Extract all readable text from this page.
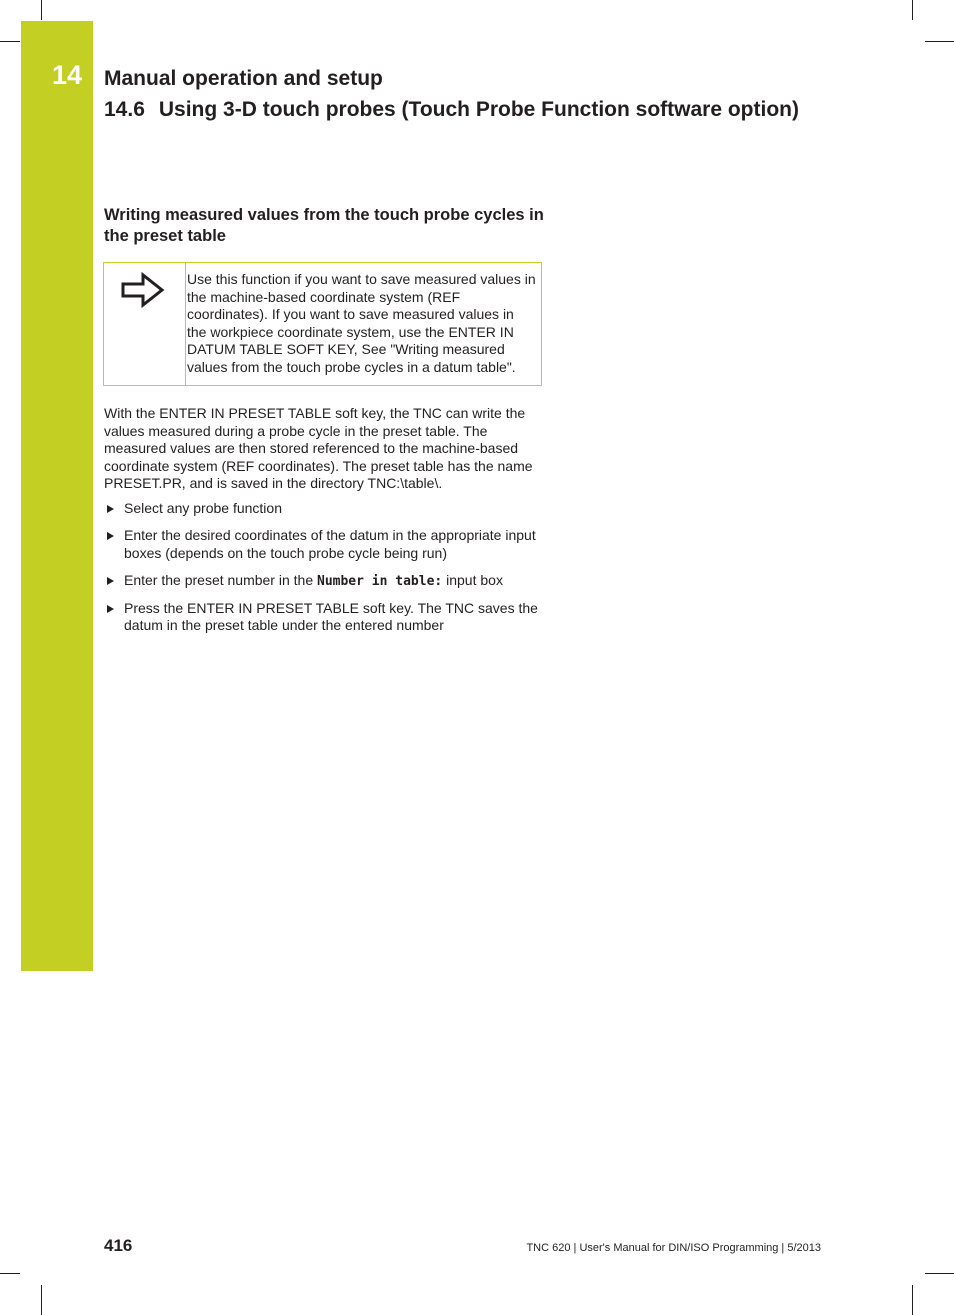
14 Manual operation and setup
14.6 Using 3-D touch probes (Touch Probe Function software option)
Writing measured values from the touch probe cycles in the preset table
Use this function if you want to save measured values in the machine-based coordinate system (REF coordinates). If you want to save measured values in the workpiece coordinate system, use the ENTER IN DATUM TABLE SOFT KEY, See "Writing measured values from the touch probe cycles in a datum table".
With the ENTER IN PRESET TABLE soft key, the TNC can write the values measured during a probe cycle in the preset table. The measured values are then stored referenced to the machine-based coordinate system (REF coordinates). The preset table has the name PRESET.PR, and is saved in the directory TNC:\table\.
Select any probe function
Enter the desired coordinates of the datum in the appropriate input boxes (depends on the touch probe cycle being run)
Enter the preset number in the Number in table: input box
Press the ENTER IN PRESET TABLE soft key. The TNC saves the datum in the preset table under the entered number
416	TNC 620 | User's Manual for DIN/ISO Programming | 5/2013
